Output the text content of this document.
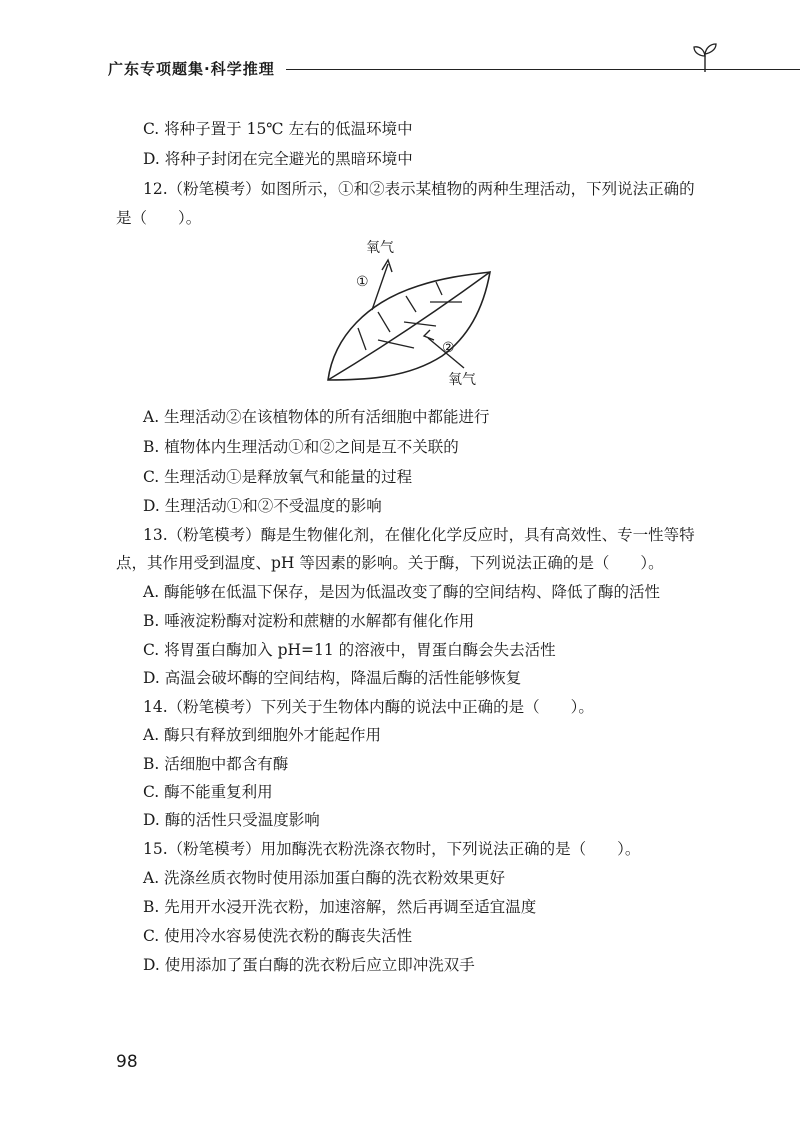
广东专项题集·科学推理
C. 将种子置于 15℃ 左右的低温环境中
D. 将种子封闭在完全避光的黑暗环境中
12.（粉笔模考）如图所示，①和②表示某植物的两种生理活动，下列说法正确的
是（　　）。
氧气
①
②
氧气
A. 生理活动②在该植物体的所有活细胞中都能进行
B. 植物体内生理活动①和②之间是互不关联的
C. 生理活动①是释放氧气和能量的过程
D. 生理活动①和②不受温度的影响
13.（粉笔模考）酶是生物催化剂，在催化化学反应时，具有高效性、专一性等特
点，其作用受到温度、pH 等因素的影响。关于酶，下列说法正确的是（　　）。
A. 酶能够在低温下保存，是因为低温改变了酶的空间结构、降低了酶的活性
B. 唾液淀粉酶对淀粉和蔗糖的水解都有催化作用
C. 将胃蛋白酶加入 pH=11 的溶液中，胃蛋白酶会失去活性
D. 高温会破坏酶的空间结构，降温后酶的活性能够恢复
14.（粉笔模考）下列关于生物体内酶的说法中正确的是（　　）。
A. 酶只有释放到细胞外才能起作用
B. 活细胞中都含有酶
C. 酶不能重复利用
D. 酶的活性只受温度影响
15.（粉笔模考）用加酶洗衣粉洗涤衣物时，下列说法正确的是（　　）。
A. 洗涤丝质衣物时使用添加蛋白酶的洗衣粉效果更好
B. 先用开水浸开洗衣粉，加速溶解，然后再调至适宜温度
C. 使用冷水容易使洗衣粉的酶丧失活性
D. 使用添加了蛋白酶的洗衣粉后应立即冲洗双手
98
